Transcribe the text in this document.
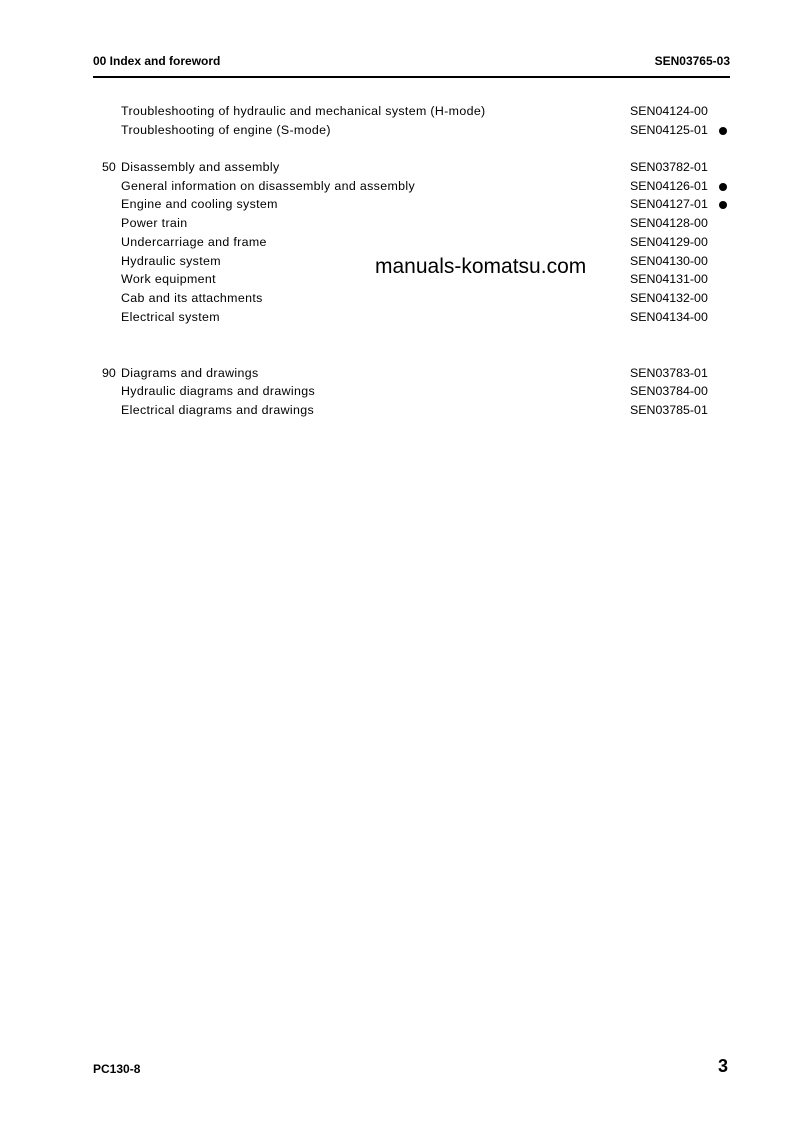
00 Index and foreword	SEN03765-03
Troubleshooting of hydraulic and mechanical system (H-mode)	SEN04124-00
Troubleshooting of engine (S-mode)	SEN04125-01
50 Disassembly and assembly	SEN03782-01
General information on disassembly and assembly	SEN04126-01
Engine and cooling system	SEN04127-01
Power train	SEN04128-00
Undercarriage and frame	SEN04129-00
Hydraulic system	SEN04130-00
Work equipment	SEN04131-00
Cab and its attachments	SEN04132-00
Electrical system	SEN04134-00
90 Diagrams and drawings	SEN03783-01
Hydraulic diagrams and drawings	SEN03784-00
Electrical diagrams and drawings	SEN03785-01
manuals-komatsu.com
PC130-8	3
